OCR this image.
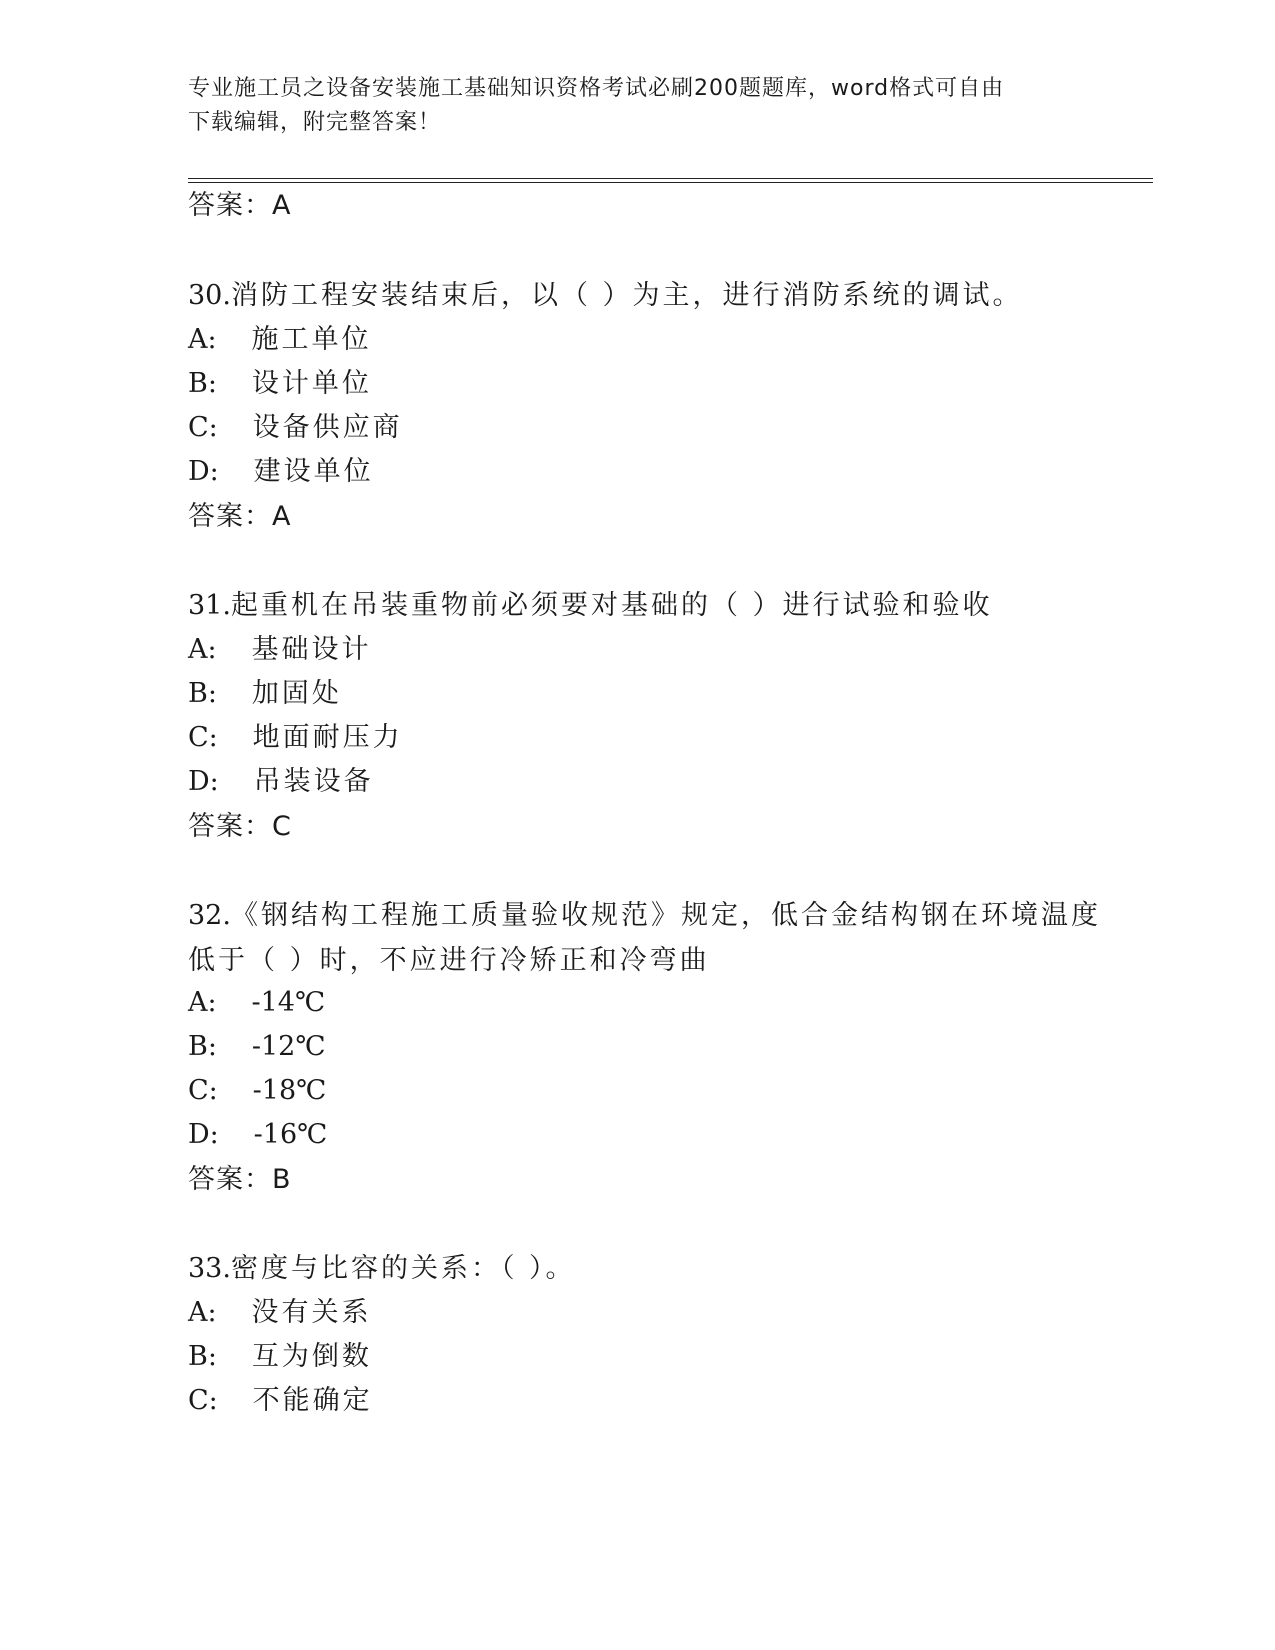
专业施工员之设备安装施工基础知识资格考试必刷200题题库，word格式可自由
下载编辑，附完整答案！
答案：A
30.消防工程安装结束后，以（ ）为主，进行消防系统的调试。
A: 施工单位
B: 设计单位
C: 设备供应商
D: 建设单位
答案：A
31.起重机在吊装重物前必须要对基础的（ ）进行试验和验收
A: 基础设计
B: 加固处
C: 地面耐压力
D: 吊装设备
答案：C
32.《钢结构工程施工质量验收规范》规定，低合金结构钢在环境温度
低于（ ）时，不应进行冷矫正和冷弯曲
A: -14℃
B: -12℃
C: -18℃
D: -16℃
答案：B
33.密度与比容的关系：（ ）。
A: 没有关系
B: 互为倒数
C: 不能确定
